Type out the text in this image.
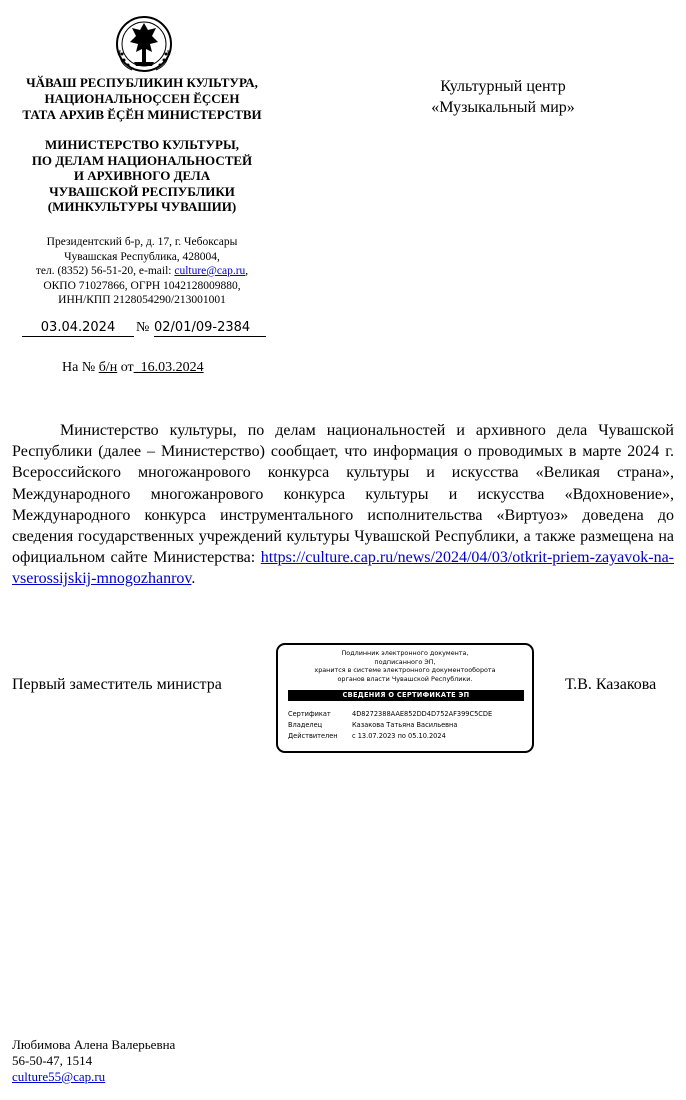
ЧӐВАШ РЕСПУБЛИКИН КУЛЬТУРА,
НАЦИОНАЛЬНОҪСЕН ӖҪСЕН
ТАТА АРХИВ ӖҪӖН МИНИСТЕРСТВИ
МИНИСТЕРСТВО КУЛЬТУРЫ,
ПО ДЕЛАМ НАЦИОНАЛЬНОСТЕЙ
И АРХИВНОГО ДЕЛА
ЧУВАШСКОЙ РЕСПУБЛИКИ
(МИНКУЛЬТУРЫ ЧУВАШИИ)
Президентский б-р, д. 17, г. Чебоксары
Чувашская Республика, 428004,
тел. (8352) 56-51-20, e-mail: culture@cap.ru,
ОКПО 71027866, ОГРН 1042128009880,
ИНН/КПП 2128054290/213001001
03.04.2024	№ 02/01/09-2384
На № б/н от_16.03.2024
Культурный центр
«Музыкальный мир»
Министерство культуры, по делам национальностей и архивного дела Чувашской Республики (далее – Министерство) сообщает, что информация о проводимых в марте 2024 г. Всероссийского многожанрового конкурса культуры и искусства «Великая страна», Международного многожанрового конкурса культуры и искусства «Вдохновение», Международного конкурса инструментального исполнительства «Виртуоз» доведена до сведения государственных учреждений культуры Чувашской Республики, а также размещена на официальном сайте Министерства: https://culture.cap.ru/news/2024/04/03/otkrit-priem-zayavok-na-vserossijskij-mnogozhanrov.
Первый заместитель министра	Т.В. Казакова
Подлинник электронного документа,
подписанного ЭП,
хранится в системе электронного документооборота
органов власти Чувашской Республики.
СВЕДЕНИЯ О СЕРТИФИКАТЕ ЭП
Сертификат	4D8272388AAE852DD4D752AF399C5CDE
Владелец	Казакова Татьяна Васильевна
Действителен с 13.07.2023 по 05.10.2024
Любимова Алена Валерьевна
56-50-47, 1514
culture55@cap.ru
